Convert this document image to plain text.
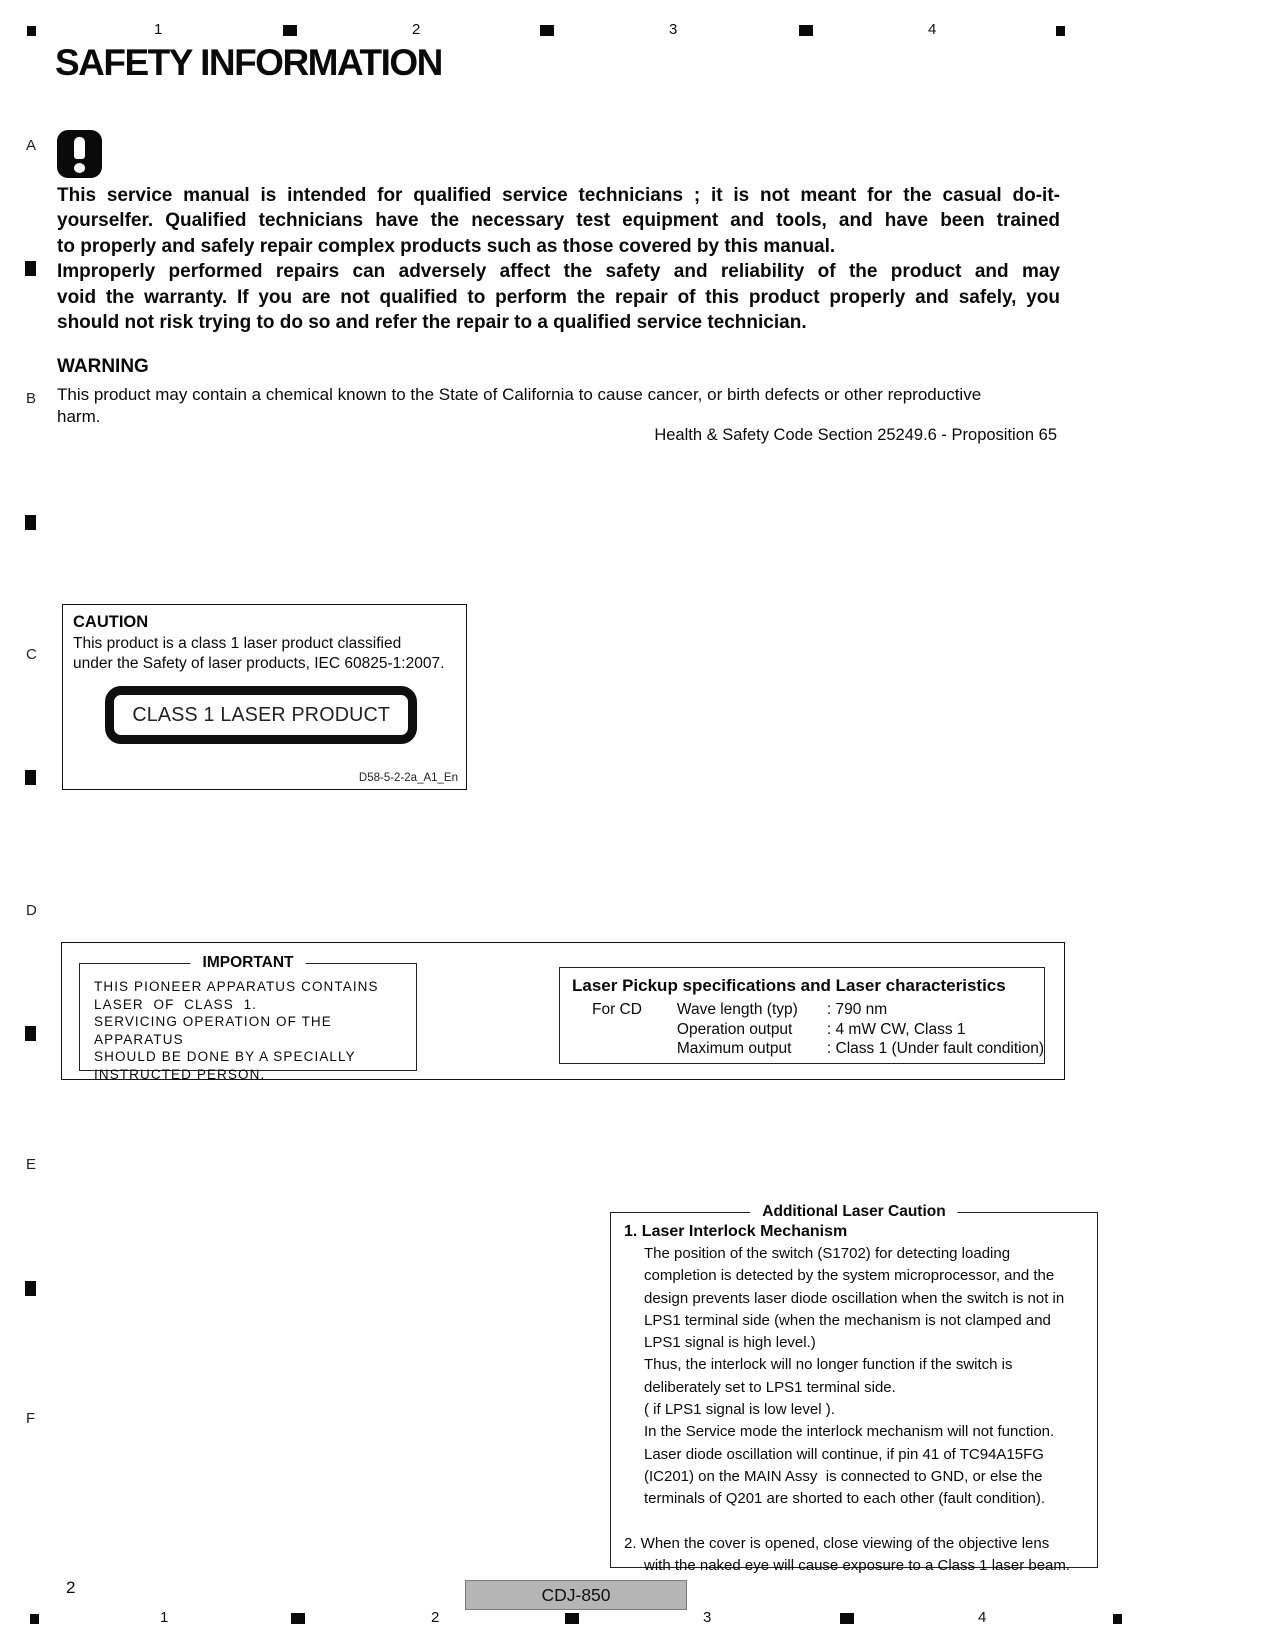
1	2	3	4
A
B
C
D
E
F
SAFETY INFORMATION
This service manual is intended for qualified service technicians ; it is not meant for the casual do-it-
yourselfer. Qualified technicians have the necessary test equipment and tools, and have been trained
to properly and safely repair complex products such as those covered by this manual.
Improperly performed repairs can adversely affect the safety and reliability of the product and may
void the warranty. If you are not qualified to perform the repair of this product properly and safely, you
should not risk trying to do so and refer the repair to a qualified service technician.
WARNING
This product may contain a chemical known to the State of California to cause cancer, or birth defects or other reproductive
harm.
Health & Safety Code Section 25249.6 - Proposition 65
CAUTION
This product is a class 1 laser product classified
under the Safety of laser products, IEC 60825-1:2007.
CLASS 1 LASER PRODUCT
D58-5-2-2a_A1_En
IMPORTANT
THIS PIONEER APPARATUS CONTAINS
LASER  OF  CLASS  1.
SERVICING OPERATION OF THE APPARATUS
SHOULD BE DONE BY A SPECIALLY
INSTRUCTED PERSON.
Laser Pickup specifications and Laser characteristics
For CD	Wave length (typ)	: 790 nm
Operation output	: 4 mW CW, Class 1
Maximum output	: Class 1 (Under fault condition)
Additional Laser Caution
1. Laser Interlock Mechanism
The position of the switch (S1702) for detecting loading
completion is detected by the system microprocessor, and the
design prevents laser diode oscillation when the switch is not in
LPS1 terminal side (when the mechanism is not clamped and
LPS1 signal is high level.)
Thus, the interlock will no longer function if the switch is
deliberately set to LPS1 terminal side.
( if LPS1 signal is low level ).
In the Service mode the interlock mechanism will not function.
Laser diode oscillation will continue, if pin 41 of TC94A15FG
(IC201) on the MAIN Assy  is connected to GND, or else the
terminals of Q201 are shorted to each other (fault condition).
2. When the cover is opened, close viewing of the objective lens
with the naked eye will cause exposure to a Class 1 laser beam.
2	CDJ-850
1	2	3	4
